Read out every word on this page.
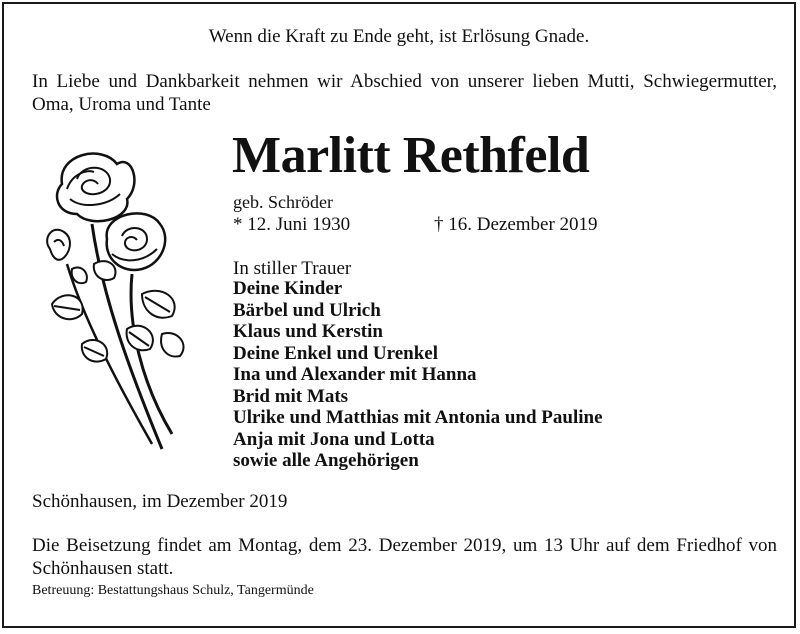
Wenn die Kraft zu Ende geht, ist Erlösung Gnade.
In Liebe und Dankbarkeit nehmen wir Abschied von unserer lieben Mutti, Schwiegermutter, Oma, Uroma und Tante
Marlitt Rethfeld
geb. Schröder
* 12. Juni 1930	† 16. Dezember 2019
In stiller Trauer
Deine Kinder
Bärbel und Ulrich
Klaus und Kerstin
Deine Enkel und Urenkel
Ina und Alexander mit Hanna
Brid mit Mats
Ulrike und Matthias mit Antonia und Pauline
Anja mit Jona und Lotta
sowie alle Angehörigen
Schönhausen, im Dezember 2019
Die Beisetzung findet am Montag, dem 23. Dezember 2019, um 13 Uhr auf dem Friedhof von Schönhausen statt.
Betreuung: Bestattungshaus Schulz, Tangermünde
